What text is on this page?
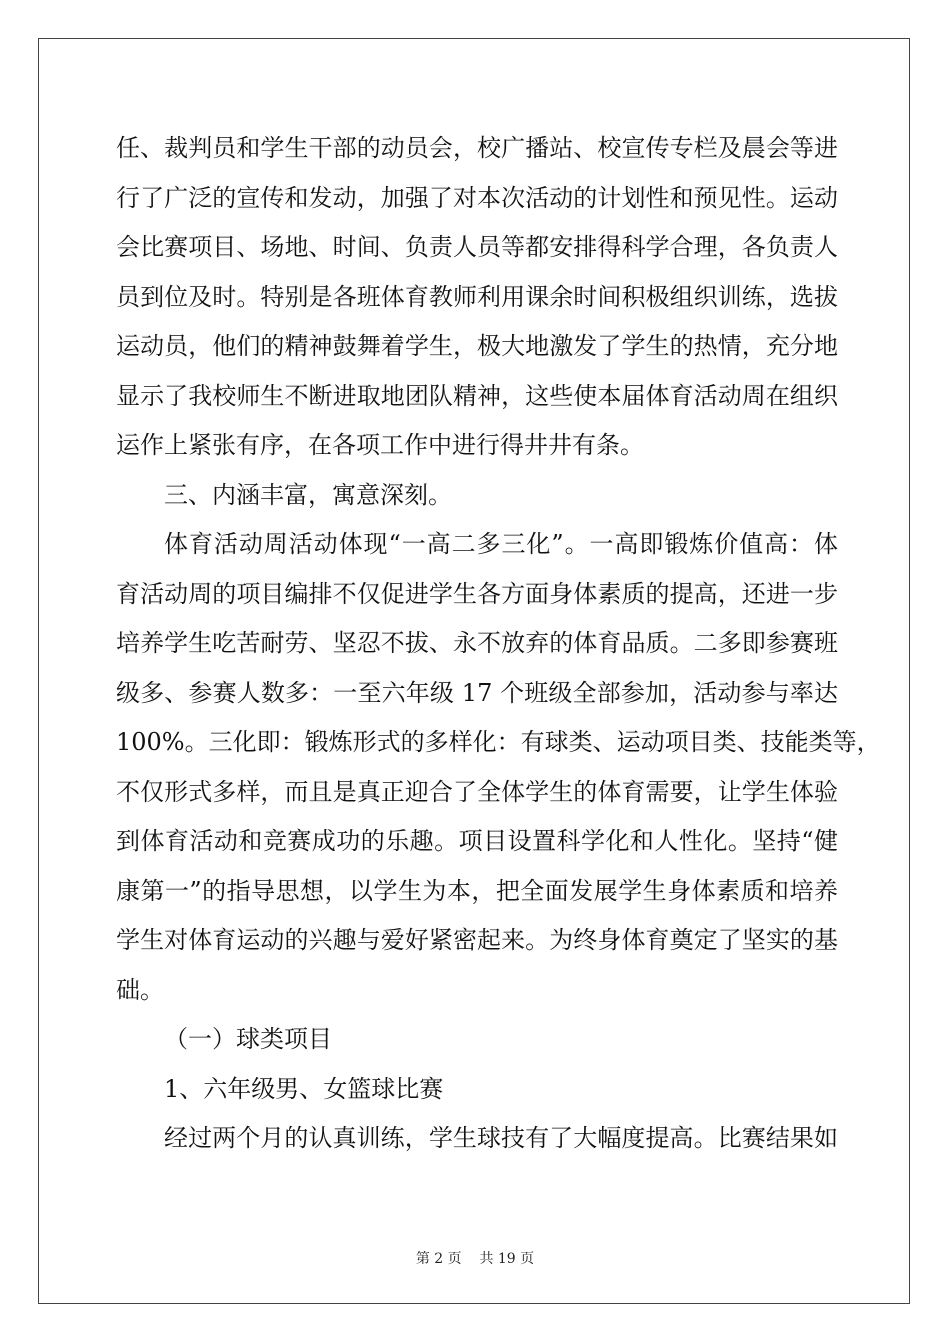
任、裁判员和学生干部的动员会，校广播站、校宣传专栏及晨会等进
行了广泛的宣传和发动，加强了对本次活动的计划性和预见性。运动
会比赛项目、场地、时间、负责人员等都安排得科学合理，各负责人
员到位及时。特别是各班体育教师利用课余时间积极组织训练，选拔
运动员，他们的精神鼓舞着学生，极大地激发了学生的热情，充分地
显示了我校师生不断进取地团队精神，这些使本届体育活动周在组织
运作上紧张有序，在各项工作中进行得井井有条。

三、内涵丰富，寓意深刻。

体育活动周活动体现“一高二多三化”。一高即锻炼价值高：体
育活动周的项目编排不仅促进学生各方面身体素质的提高，还进一步
培养学生吃苦耐劳、坚忍不拔、永不放弃的体育品质。二多即参赛班
级多、参赛人数多：一至六年级 17 个班级全部参加，活动参与率达
100%。三化即：锻炼形式的多样化：有球类、运动项目类、技能类等，
不仅形式多样，而且是真正迎合了全体学生的体育需要，让学生体验
到体育活动和竞赛成功的乐趣。项目设置科学化和人性化。坚持“健
康第一”的指导思想，以学生为本，把全面发展学生身体素质和培养
学生对体育运动的兴趣与爱好紧密起来。为终身体育奠定了坚实的基
础。

（一）球类项目

1、六年级男、女篮球比赛

经过两个月的认真训练，学生球技有了大幅度提高。比赛结果如

第 2 页 共 19 页
